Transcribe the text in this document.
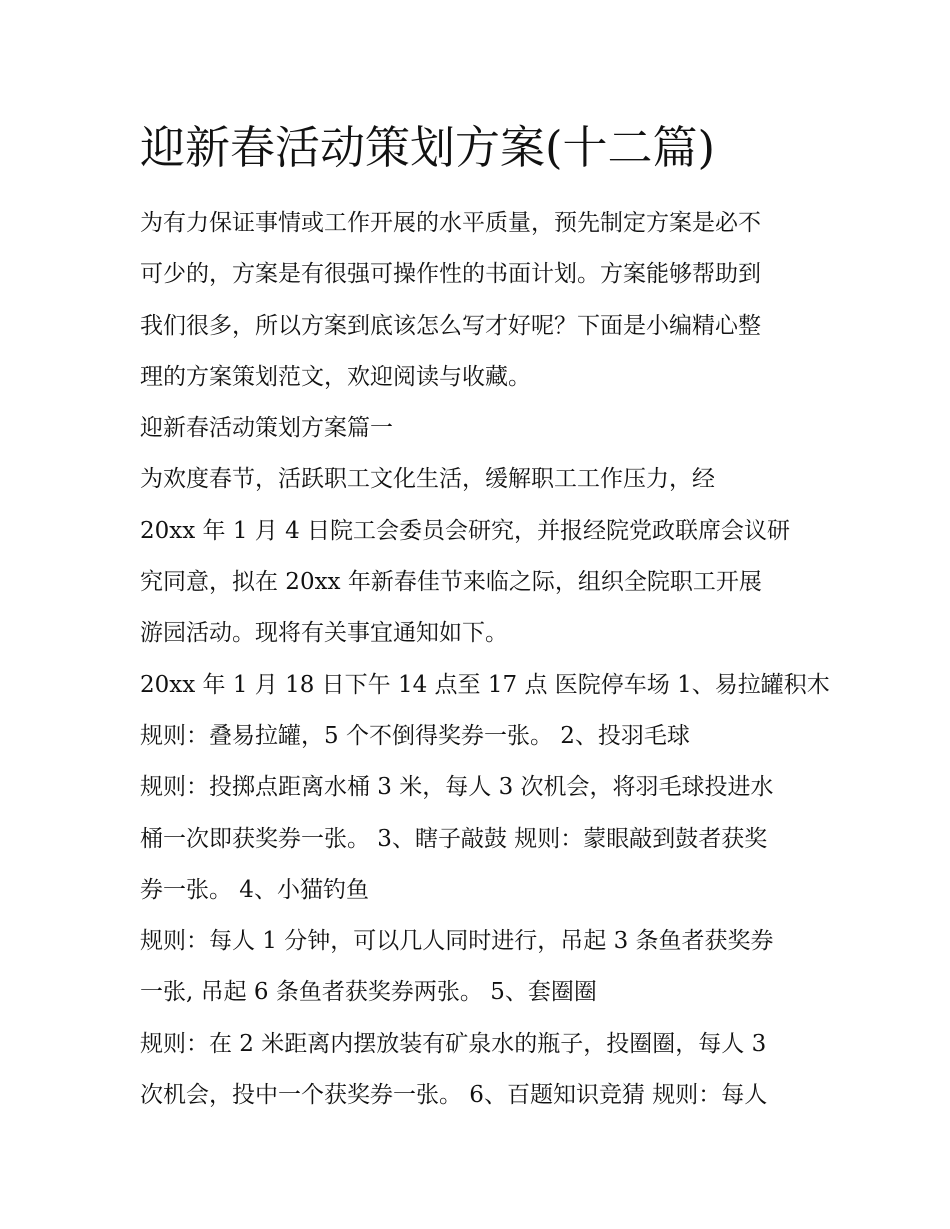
迎新春活动策划方案(十二篇)
为有力保证事情或工作开展的水平质量，预先制定方案是必不
可少的，方案是有很强可操作性的书面计划。方案能够帮助到
我们很多，所以方案到底该怎么写才好呢？下面是小编精心整
理的方案策划范文，欢迎阅读与收藏。
迎新春活动策划方案篇一
为欢度春节，活跃职工文化生活，缓解职工工作压力，经
20xx 年 1 月 4 日院工会委员会研究，并报经院党政联席会议研
究同意，拟在 20xx 年新春佳节来临之际，组织全院职工开展
游园活动。现将有关事宜通知如下。
20xx 年 1 月 18 日下午 14 点至 17 点 医院停车场 1、易拉罐积木
规则：叠易拉罐，5 个不倒得奖券一张。 2、投羽毛球
规则：投掷点距离水桶 3 米，每人 3 次机会，将羽毛球投进水
桶一次即获奖券一张。 3、瞎子敲鼓 规则：蒙眼敲到鼓者获奖
券一张。 4、小猫钓鱼
规则：每人 1 分钟，可以几人同时进行，吊起 3 条鱼者获奖券
一张, 吊起 6 条鱼者获奖券两张。 5、套圈圈
规则：在 2 米距离内摆放装有矿泉水的瓶子，投圈圈，每人 3
次机会，投中一个获奖券一张。 6、百题知识竞猜 规则：每人
